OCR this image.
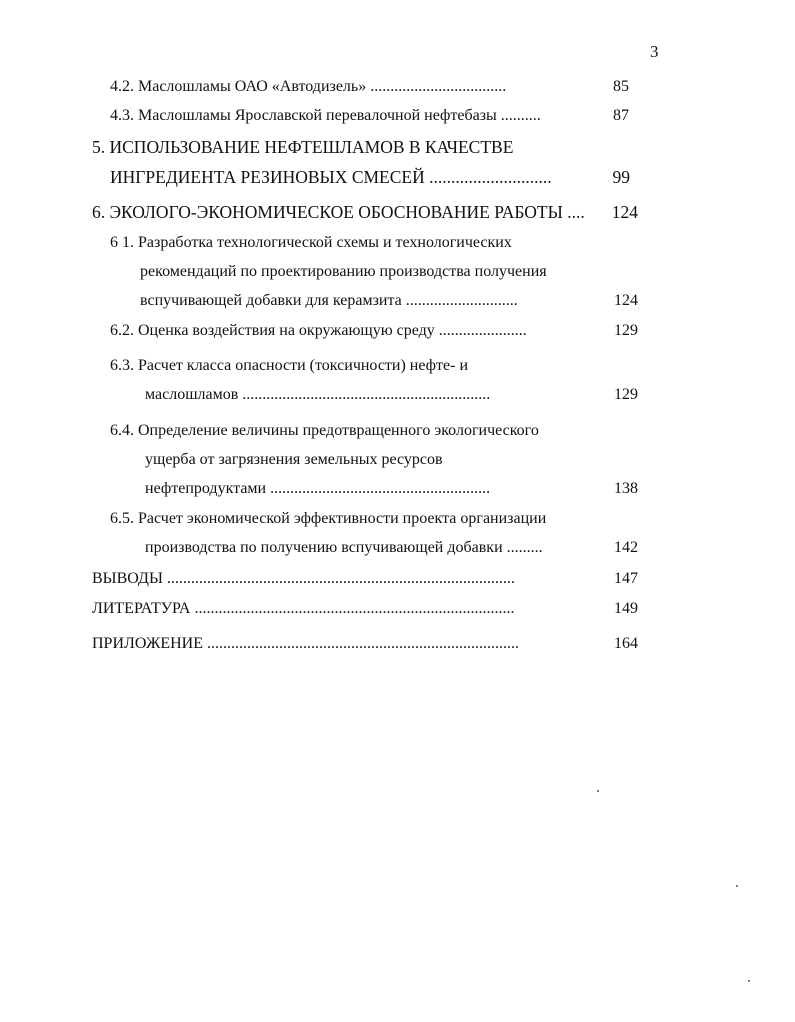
3
4.2. Маслошламы ОАО «Автодизель» ..................................	85
4.3. Маслошламы Ярославской перевалочной нефтебазы ..........	87
5. ИСПОЛЬЗОВАНИЕ НЕФТЕШЛАМОВ В КАЧЕСТВЕ
ИНГРЕДИЕНТА РЕЗИНОВЫХ СМЕСЕЙ ............................	99
6. ЭКОЛОГО-ЭКОНОМИЧЕСКОЕ ОБОСНОВАНИЕ РАБОТЫ ....	124
6 1. Разработка технологической схемы и технологических
рекомендаций по проектированию производства получения
вспучивающей добавки для керамзита ............................	124
6.2. Оценка воздействия на окружающую среду ......................	129
6.3. Расчет класса опасности (токсичности) нефте- и
маслошламов ..............................................................	129
6.4. Определение величины предотвращенного экологического
ущерба от загрязнения земельных ресурсов
нефтепродуктами .......................................................	138
6.5. Расчет экономической эффективности проекта организации
производства по получению вспучивающей добавки .........	142
ВЫВОДЫ .......................................................................................	147
ЛИТЕРАТУРА ................................................................................	149
ПРИЛОЖЕНИЕ ..............................................................................	164
